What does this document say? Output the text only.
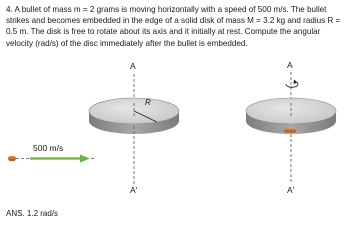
4. A bullet of mass m = 2 grams is moving horizontally with a speed of 500 m/s. The bullet strikes and becomes embedded in the edge of a solid disk of mass M = 3.2 kg and radius R = 0.5 m. The disk is free to rotate about its axis and it initially at rest. Compute the angular velocity (rad/s) of the disc immediately after the bullet is embedded.

R
A
A′
500 m/s
A
A′
ANS. 1.2 rad/s
